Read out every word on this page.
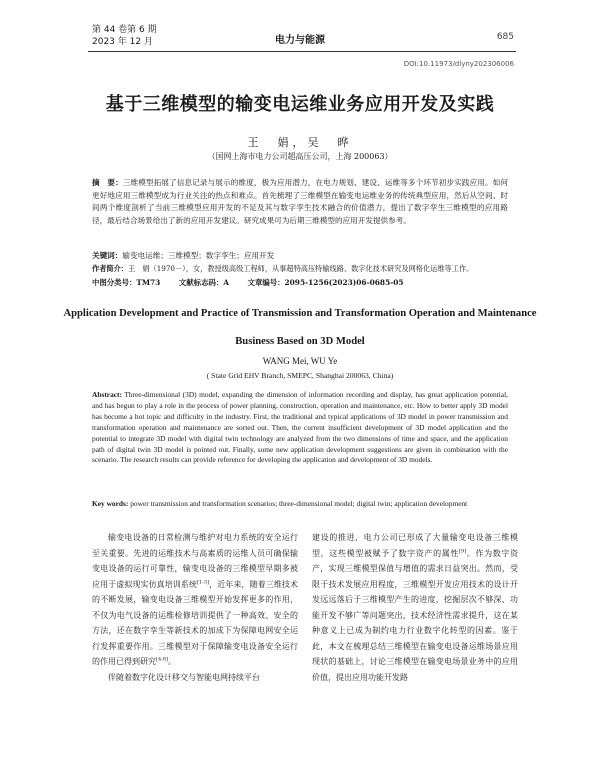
第 44 卷第 6 期
2023 年 12 月	电力与能源	685
DOI:10.11973/dlyny202306006
基于三维模型的输变电运维业务应用开发及实践
王　娟，吴　晔
（国网上海市电力公司超高压公司，上海 200063）
摘　要：三维模型拓展了信息记录与展示的维度，极为应用潜力，在电力规划、建设、运维等多个环节初步实践应用。如何更好地应用三维模型成为行业关注的热点和难点。首先梳理了三维模型在输变电运维业务的传统典型应用，然后从空间、时间两个维度剖析了当前三维模型应用开发的不足及其与数字孪生技术融合的价值潜力，提出了数字孪生三维模型的应用路径，最后结合场景给出了新的应用开发建议。研究成果可为后期三维模型的应用开发提供参考。
关键词：输变电运维；三维模型；数字孪生；应用开发
作者简介：王　娟（1970－），女，教授级高级工程师，从事超特高压特输线路、数字化技术研究及网格化运维等工作。
中图分类号：TM73	文献标志码：A	文章编号：2095-1256(2023)06-0685-05
Application Development and Practice of Transmission and Transformation Operation and Maintenance Business Based on 3D Model
WANG Mei, WU Ye
( State Grid EHV Branch, SMEPC, Shanghai 200063, China)
Abstract: Three-dimensional (3D) model, expanding the dimension of information recording and display, has great application potential, and has begun to play a role in the process of power planning, construction, operation and maintenance, etc. How to better apply 3D model has become a hot topic and difficulty in the industry. First, the traditional and typical applications of 3D model in power transmission and transformation operation and maintenance are sorted out. Then, the current insufficient development of 3D model application and the potential to integrate 3D model with digital twin technology are analyzed from the two dimensions of time and space, and the application path of digital twin 3D model is pointed out. Finally, some new application development suggestions are given in combination with the scenario. The research results can provide reference for developing the application and development of 3D models.
Key words: power transmission and transformation scenarios; three-dimensional model; digital twin; application development

输变电设备的日常检测与维护对电力系统的安全运行至关重要。先进的运维技术与高素质的运维人员可确保输变电设备的运行可靠性，输变电设备的三维模型早期多被应用于虚拟现实仿真培训系统[1-3]，近年来，随着三维技术的不断发展，输变电设备三维模型开始发挥更多的作用，不仅为电气设备的运维检修培训提供了一种高效、安全的方法，还在数字孪生等新技术的加成下为保障电网安全运行发挥重要作用。三维模型对于保障输变电设备安全运行的作用已得到研究[4-8]。

伴随着数字化设计移交与智能电网持续平台

建设的推进，电力公司已形成了大量输变电设备三维模型，这些模型被赋予了数字资产的属性[9]。作为数字资产，实现三维模型保值与增值的需求日益突出。然而，受限于技术发展应用程度，三维模型开发应用技术的设计开发远远落后于三维模型产生的进度，挖掘层次不够深、功能开发不够广等问题突出，技术经济性需求提升，这在某种意义上已成为制约电力行业数字化转型的因素。鉴于此，本文在梳理总结三维模型在输变电设备运维场景应用现状的基础上，讨论三维模型在输变电场景业务中的应用价值，提出应用功能开发路
